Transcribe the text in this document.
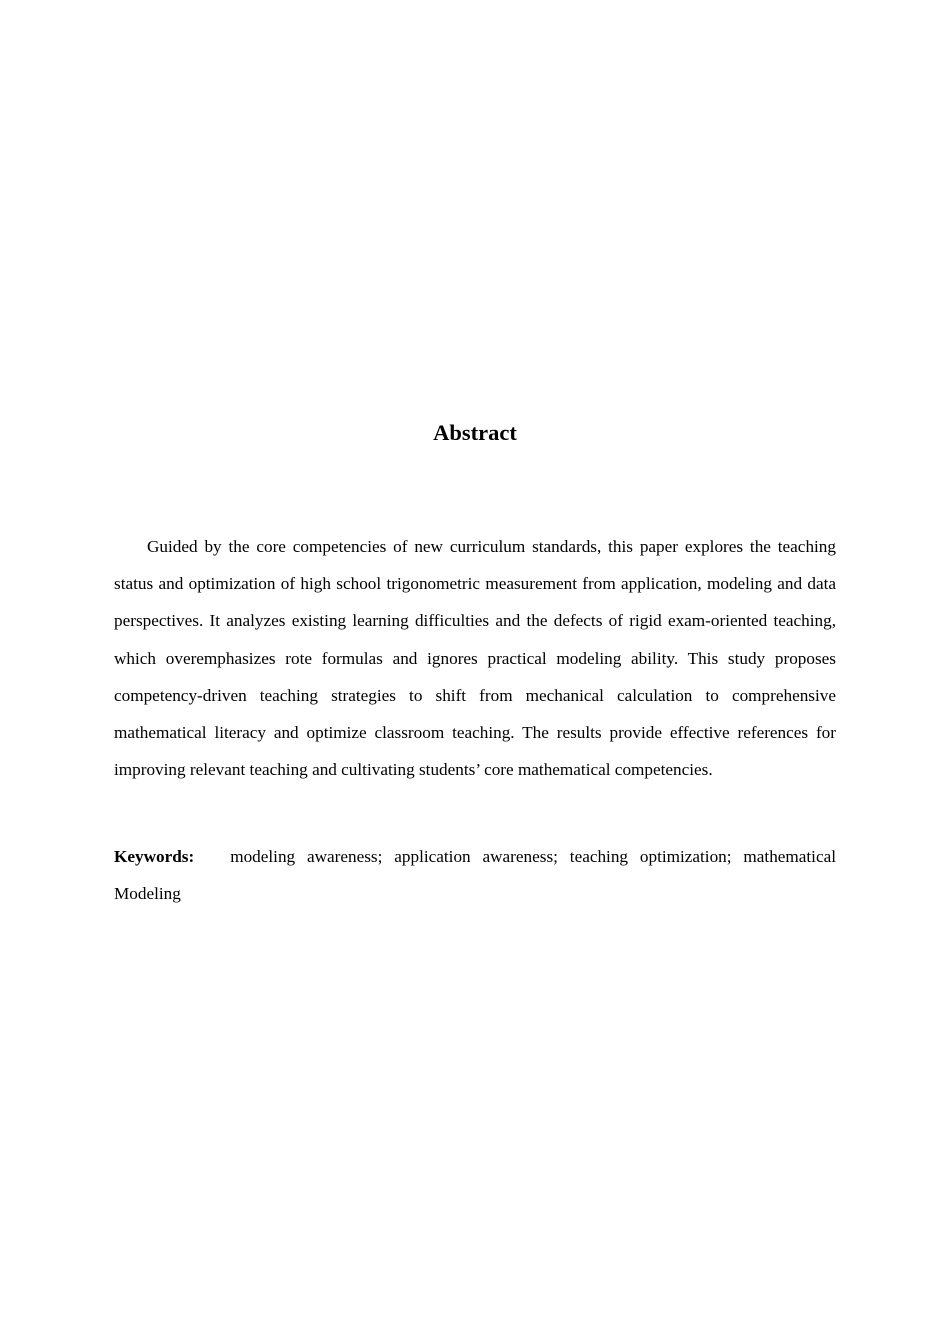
Abstract

Guided by the core competencies of new curriculum standards, this paper explores the teaching status and optimization of high school trigonometric measurement from application, modeling and data perspectives. It analyzes existing learning difficulties and the defects of rigid exam-oriented teaching, which overemphasizes rote formulas and ignores practical modeling ability. This study proposes competency-driven teaching strategies to shift from mechanical calculation to comprehensive mathematical literacy and optimize classroom teaching. The results provide effective references for improving relevant teaching and cultivating students’ core mathematical competencies.

Keywords: modeling awareness; application awareness; teaching optimization; mathematical Modeling
